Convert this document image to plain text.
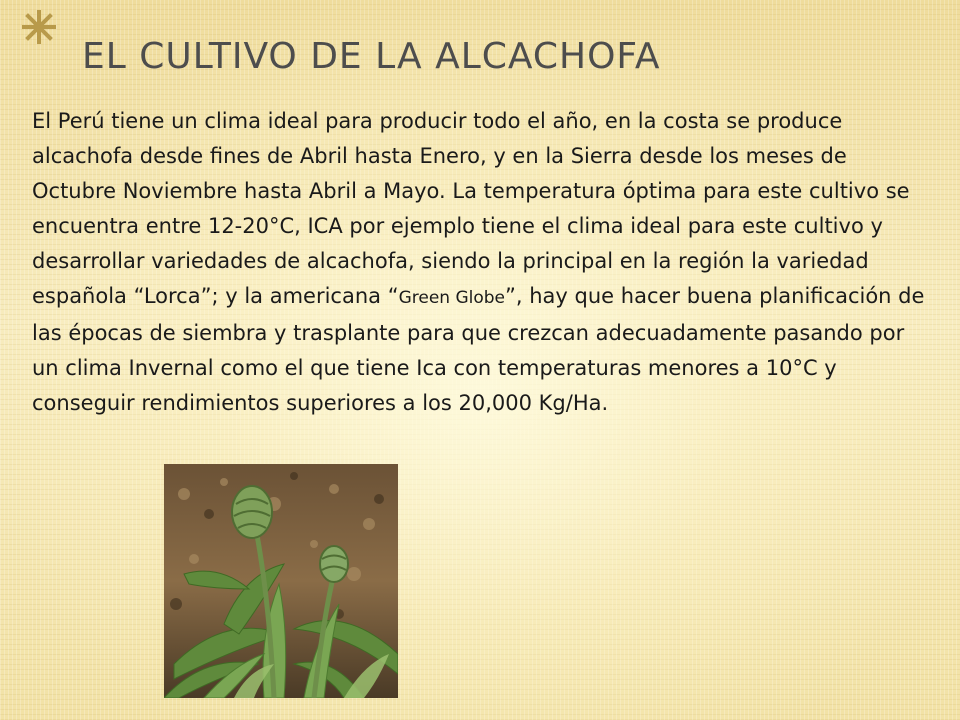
EL CULTIVO DE LA ALCACHOFA

El Perú tiene un clima ideal para producir todo el año, en la costa se produce alcachofa desde fines de Abril hasta Enero, y en la Sierra desde los meses de Octubre Noviembre hasta Abril a Mayo. La temperatura óptima para este cultivo se encuentra entre 12-20°C, ICA por ejemplo tiene el clima ideal para este cultivo y desarrollar variedades de alcachofa, siendo la principal en la región la variedad española “Lorca”; y la americana “Green Globe”, hay que hacer buena planificación de las épocas de siembra y trasplante para que crezcan adecuadamente pasando por un clima Invernal como el que tiene Ica con temperaturas menores a 10°C y conseguir rendimientos superiores a los 20,000 Kg/Ha.
